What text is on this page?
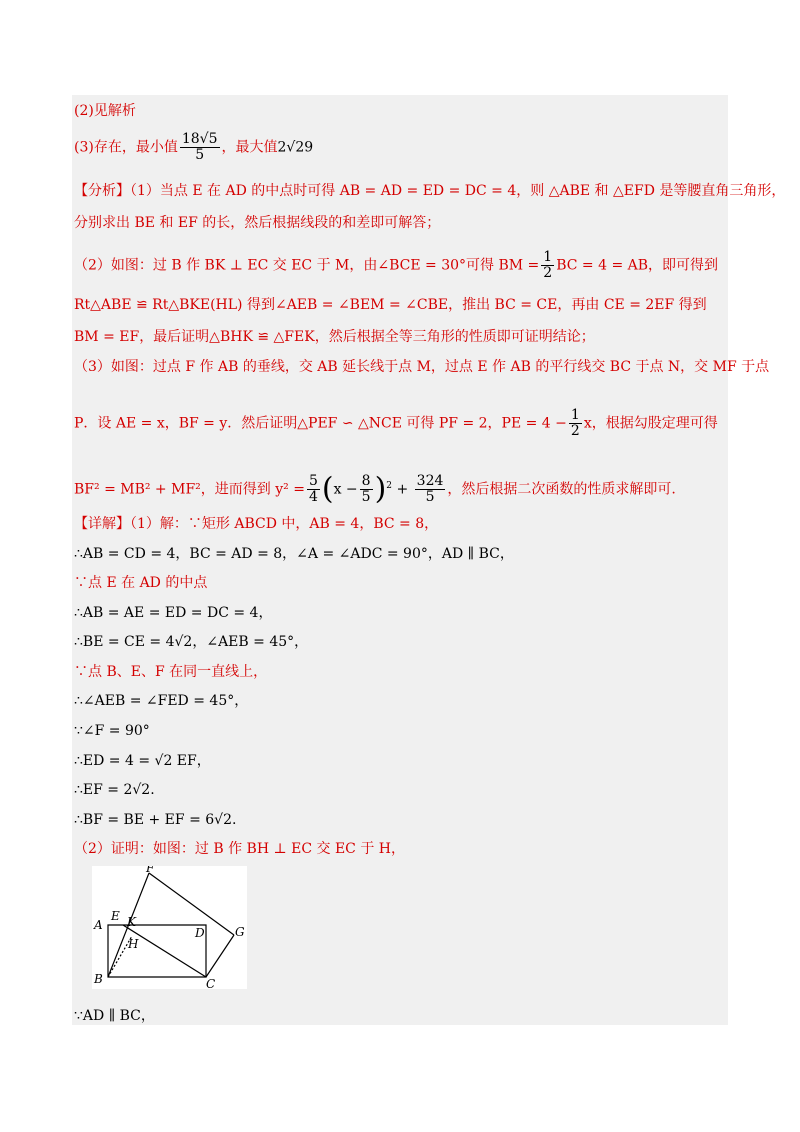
(2)见解析
(3)存在，最小值 $\frac{18√5}{5}$ ，最大值2√29
【分析】（1）当点 E 在 AD 的中点时可得 AB = AD = ED = DC = 4，则 △ABE 和 △EFD 是等腰直角三角形，
分别求出 BE 和 EF 的长，然后根据线段的和差即可解答；
（2）如图：过 B 作 BK ⊥ EC 交 EC 于 M，由∠BCE = 30°可得 BM = $\frac{1}{2}$ BC = 4 = AB，即可得到
Rt△ABE ≌ Rt△BKE(HL) 得到∠AEB = ∠BEM = ∠CBE，推出 BC = CE，再由 CE = 2EF 得到
BM = EF，最后证明△BHK ≌ △FEK，然后根据全等三角形的性质即可证明结论；
（3）如图：过点 F 作 AB 的垂线，交 AB 延长线于点 M，过点 E 作 AB 的平行线交 BC 于点 N，交 MF 于点
P．设 AE = x，BF = y．然后证明△PEF ∽ △NCE 可得 PF = 2，PE = $4 - \frac{1}{2}$ x，根据勾股定理可得
BF² = MB² + MF²，进而得到 $y^2 = \frac{5}{4} (x - \frac{8}{5} )^2 + \frac{324}{5}$ ，然后根据二次函数的性质求解即可.
【详解】（1）解：∵矩形 ABCD 中，AB = 4，BC = 8，
∴AB = CD = 4，BC = AD = 8，∠A = ∠ADC = 90°，AD ∥ BC，
∵点 E 在 AD 的中点
∴AB = AE = ED = DC = 4，
∴BE = CE = 4√2，∠AEB = 45°，
∵点 B、E、F 在同一直线上，
∴∠AEB = ∠FED = 45°，
∵∠F = 90°
∴ED = 4 = √2 EF，
∴EF = 2√2.
∴BF = BE + EF = 6√2.
（2）证明：如图：过 B 作 BH ⊥ EC 交 EC 于 H，
F
A
E K
H
D	G
B	C
∵AD ∥ BC，
